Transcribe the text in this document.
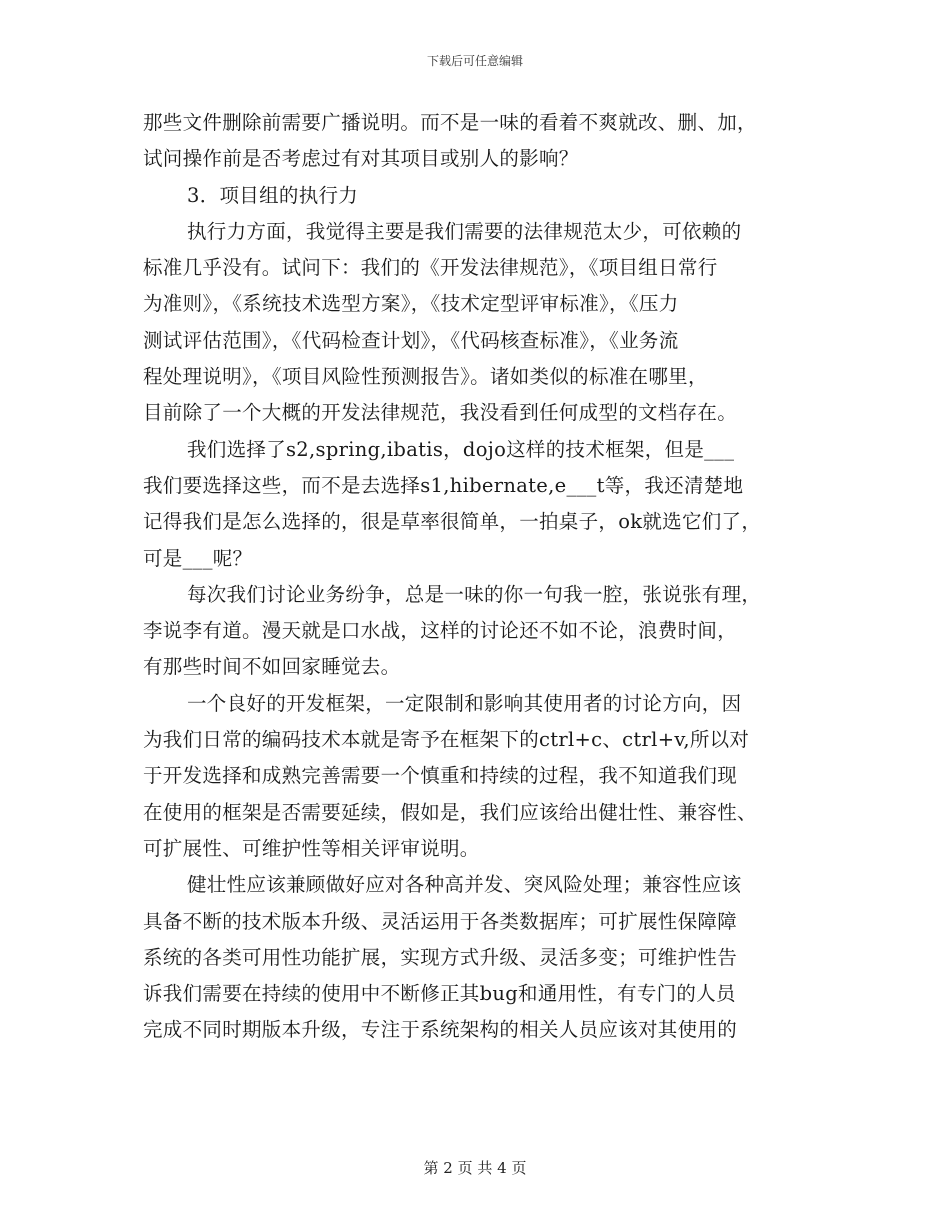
下载后可任意编辑
那些文件删除前需要广播说明。而不是一味的看着不爽就改、删、加，
试问操作前是否考虑过有对其项目或别人的影响？
3．项目组的执行力
执行力方面，我觉得主要是我们需要的法律规范太少，可依赖的
标准几乎没有。试问下：我们的《开发法律规范》，《项目组日常行
为准则》，《系统技术选型方案》，《技术定型评审标准》，《压力
测试评估范围》，《代码检查计划》，《代码核查标准》，《业务流
程处理说明》，《项目风险性预测报告》。诸如类似的标准在哪里，
目前除了一个大概的开发法律规范，我没看到任何成型的文档存在。
我们选择了s2,spring,ibatis，dojo这样的技术框架，但是___
我们要选择这些，而不是去选择s1,hibernate,e___t等，我还清楚地
记得我们是怎么选择的，很是草率很简单，一拍桌子，ok就选它们了，
可是___呢？
每次我们讨论业务纷争，总是一味的你一句我一腔，张说张有理，
李说李有道。漫天就是口水战，这样的讨论还不如不论，浪费时间，
有那些时间不如回家睡觉去。
一个良好的开发框架，一定限制和影响其使用者的讨论方向，因
为我们日常的编码技术本就是寄予在框架下的ctrl+c、ctrl+v,所以对
于开发选择和成熟完善需要一个慎重和持续的过程，我不知道我们现
在使用的框架是否需要延续，假如是，我们应该给出健壮性、兼容性、
可扩展性、可维护性等相关评审说明。
健壮性应该兼顾做好应对各种高并发、突风险处理；兼容性应该
具备不断的技术版本升级、灵活运用于各类数据库；可扩展性保障障
系统的各类可用性功能扩展，实现方式升级、灵活多变；可维护性告
诉我们需要在持续的使用中不断修正其bug和通用性，有专门的人员
完成不同时期版本升级，专注于系统架构的相关人员应该对其使用的
第 2 页 共 4 页
